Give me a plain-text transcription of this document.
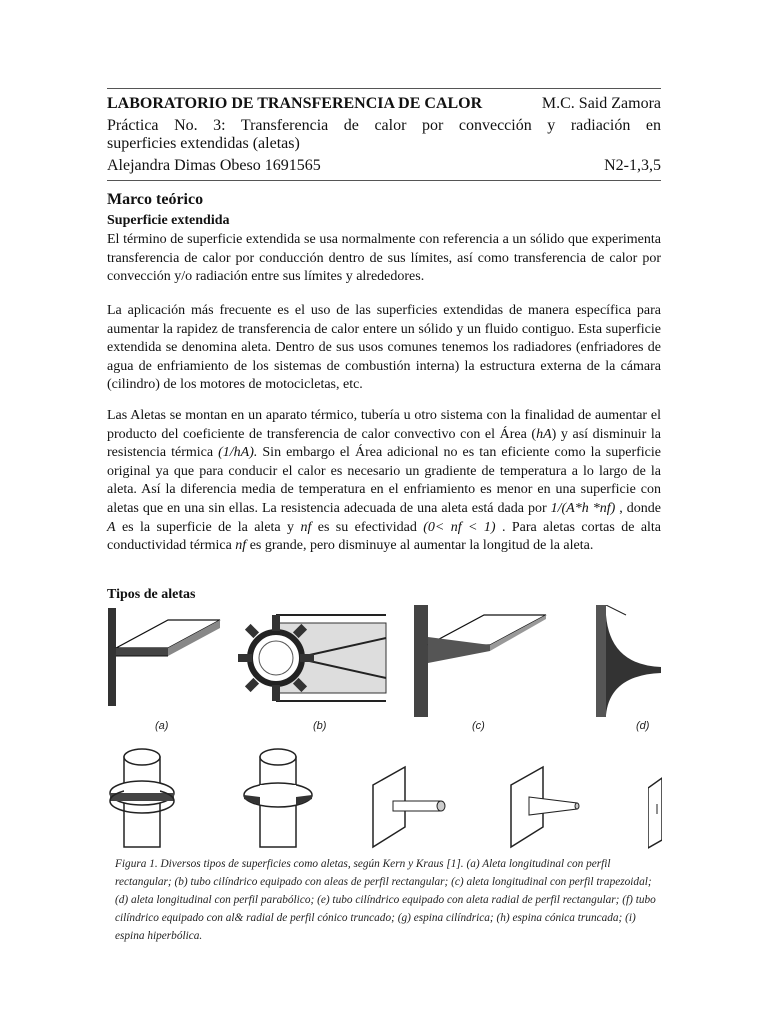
LABORATORIO DE TRANSFERENCIA DE CALOR	M.C. Said Zamora
Práctica No. 3: Transferencia de calor por convección y radiación en
superficies extendidas (aletas)
Alejandra Dimas Obeso 1691565	N2-1,3,5
Marco teórico
Superficie extendida

El término de superficie extendida se usa normalmente con referencia a un sólido que experimenta transferencia de calor por conducción dentro de sus límites, así como transferencia de calor por convección y/o radiación entre sus límites y alrededores.

La aplicación más frecuente es el uso de las superficies extendidas de manera específica para aumentar la rapidez de transferencia de calor entere un sólido y un fluido contiguo. Esta superficie extendida se denomina aleta. Dentro de sus usos comunes tenemos los radiadores (enfriadores de agua de enfriamiento de los sistemas de combustión interna) la estructura externa de la cámara (cilindro) de los motores de motocicletas, etc.

Las Aletas se montan en un aparato térmico, tubería u otro sistema con la finalidad de aumentar el producto del coeficiente de transferencia de calor convectivo con el Área (hA) y así disminuir la resistencia térmica (1/hA). Sin embargo el Área adicional no es tan eficiente como la superficie original ya que para conducir el calor es necesario un gradiente de temperatura a lo largo de la aleta. Así la diferencia media de temperatura en el enfriamiento es menor en una superficie con aletas que en una sin ellas. La resistencia adecuada de una aleta está dada por 1/(A*h *nf) , donde A es la superficie de la aleta y nf es su efectividad (0< nf < 1) . Para aletas cortas de alta conductividad térmica nf es grande, pero disminuye al aumentar la longitud de la aleta.

Tipos de aletas
(a)	(b)	(c)	(d)

Figura 1. Diversos tipos de superficies como aletas, según Kern y Kraus [1]. (a) Aleta longitudinal con perfil rectangular; (b) tubo cilíndrico equipado con aleas de perfil rectangular; (c) aleta longitudinal con perfil trapezoidal; (d) aleta longitudinal con perfil parabólico; (e) tubo cilíndrico equipado con aleta radial de perfil rectangular; (f) tubo cilíndrico equipado con al& radial de perfil cónico truncado; (g) espina cilíndrica; (h) espina cónica truncada; (i) espina hiperbólica.
